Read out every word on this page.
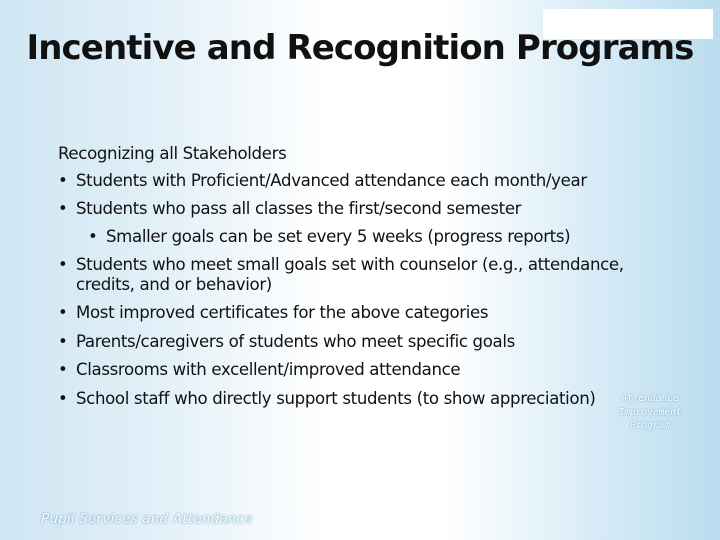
Incentive and Recognition Programs

Recognizing all Stakeholders

• Students with Proficient/Advanced attendance each month/year
• Students who pass all classes the first/second semester
• Smaller goals can be set every 5 weeks (progress reports)
• Students who meet small goals set with counselor (e.g., attendance, credits, and or behavior)
• Most improved certificates for the above categories
• Parents/caregivers of students who meet specific goals
• Classrooms with excellent/improved attendance
• School staff who directly support students (to show appreciation)	Attendance Improvement Program
Pupil Services and Attendance
